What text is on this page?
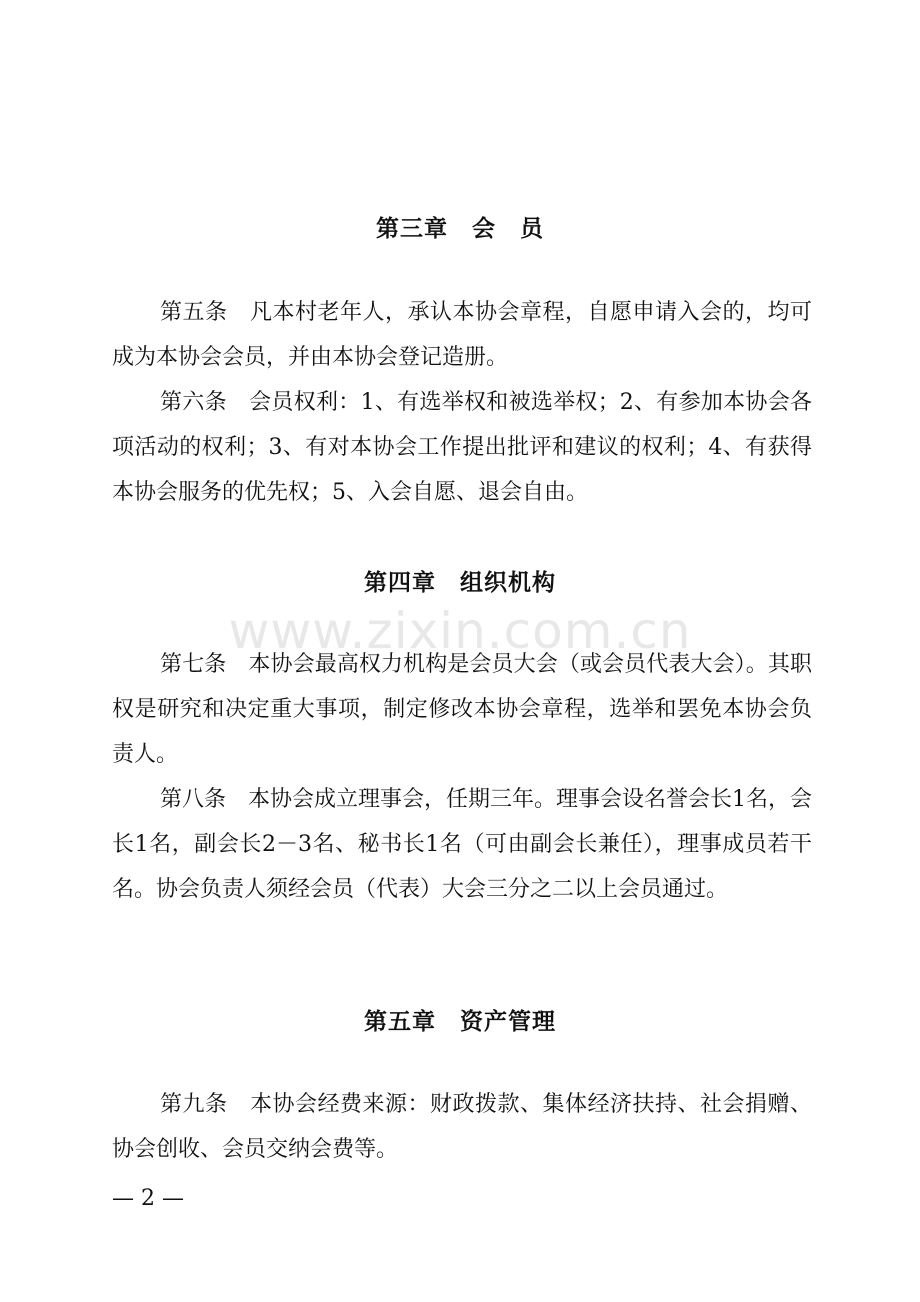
第三章　会　员

第五条　凡本村老年人，承认本协会章程，自愿申请入会的，均可成为本协会会员，并由本协会登记造册。

第六条　会员权利：1、有选举权和被选举权；2、有参加本协会各项活动的权利；3、有对本协会工作提出批评和建议的权利；4、有获得本协会服务的优先权；5、入会自愿、退会自由。

第四章　组织机构
www.zixin.com.cn

第七条　本协会最高权力机构是会员大会（或会员代表大会）。其职权是研究和决定重大事项，制定修改本协会章程，选举和罢免本协会负责人。

第八条　本协会成立理事会，任期三年。理事会设名誉会长1名，会长1名，副会长2－3名、秘书长1名（可由副会长兼任），理事成员若干名。协会负责人须经会员（代表）大会三分之二以上会员通过。

第五章　资产管理

第九条　本协会经费来源：财政拨款、集体经济扶持、社会捐赠、协会创收、会员交纳会费等。

— 2 —
